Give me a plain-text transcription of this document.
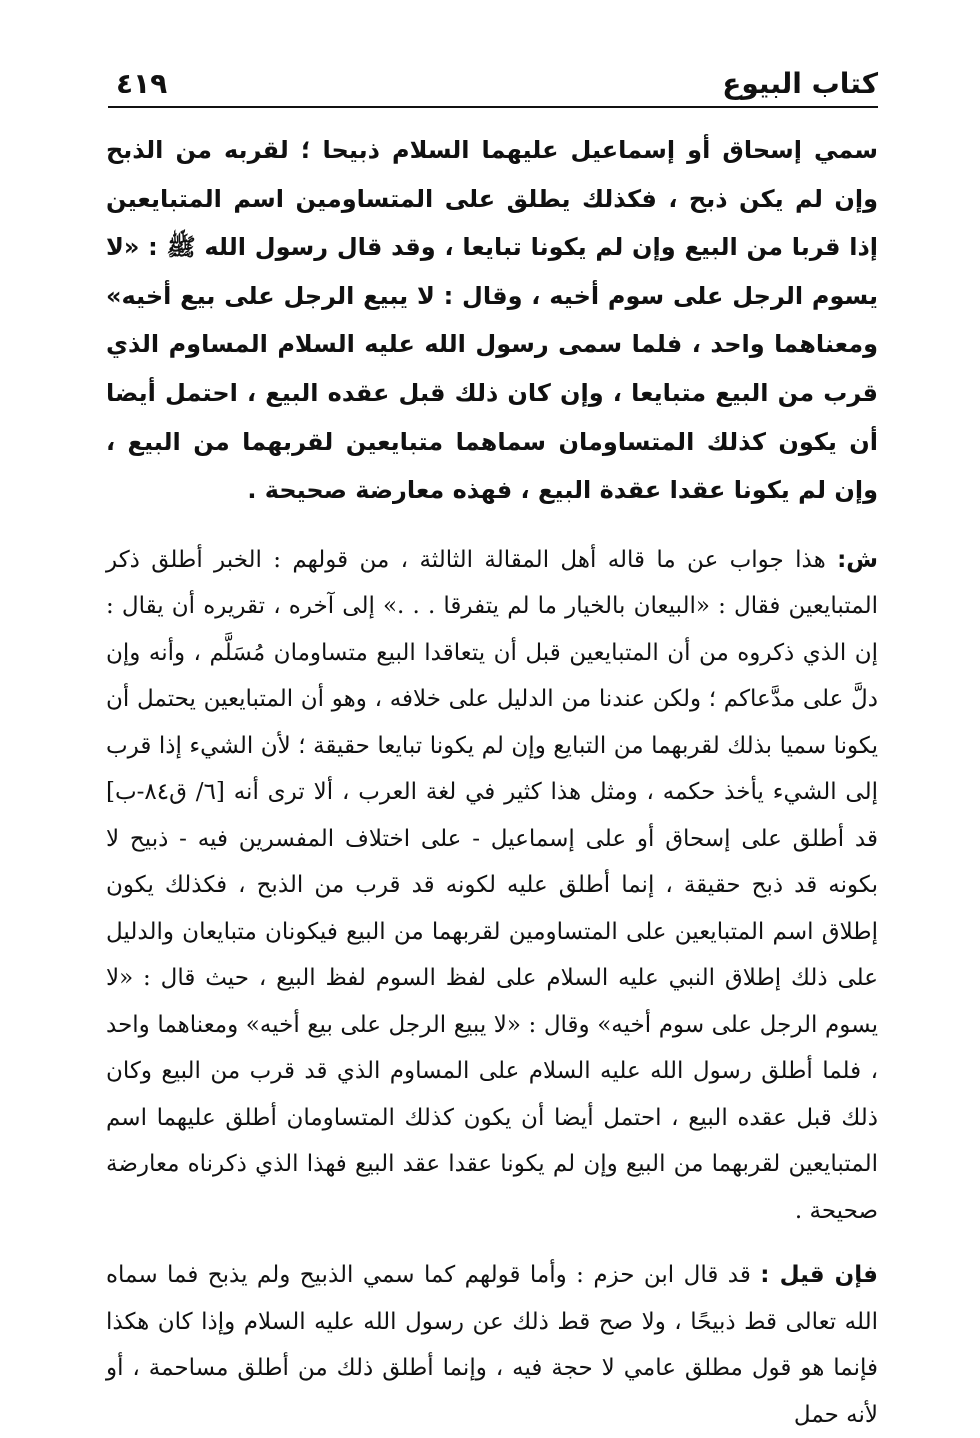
كتاب البيوع
٤١٩

سمي إسحاق أو إسماعيل عليهما السلام ذبيحا ؛ لقربه من الذبح وإن لم يكن ذبح ، فكذلك يطلق على المتساومين اسم المتبايعين إذا قربا من البيع وإن لم يكونا تبايعا ، وقد قال رسول الله ﷺ : «لا يسوم الرجل على سوم أخيه ، وقال : لا يبيع الرجل على بيع أخيه» ومعناهما واحد ، فلما سمى رسول الله عليه السلام المساوم الذي قرب من البيع متبايعا ، وإن كان ذلك قبل عقده البيع ، احتمل أيضا أن يكون كذلك المتساومان سماهما متبايعين لقربهما من البيع ، وإن لم يكونا عقدا عقدة البيع ، فهذه معارضة صحيحة .

ش: هذا جواب عن ما قاله أهل المقالة الثالثة ، من قولهم : الخبر أطلق ذكر المتبايعين فقال : «البيعان بالخيار ما لم يتفرقا . . .» إلى آخره ، تقريره أن يقال : إن الذي ذكروه من أن المتبايعين قبل أن يتعاقدا البيع متساومان مُسَلَّم ، وأنه وإن دلَّ على مدَّعاكم ؛ ولكن عندنا من الدليل على خلافه ، وهو أن المتبايعين يحتمل أن يكونا سميا بذلك لقربهما من التبايع وإن لم يكونا تبايعا حقيقة ؛ لأن الشيء إذا قرب إلى الشيء يأخذ حكمه ، ومثل هذا كثير في لغة العرب ، ألا ترى أنه [٦/ ق٨٤-ب] قد أطلق على إسحاق أو على إسماعيل - على اختلاف المفسرين فيه - ذبيح لا بكونه قد ذبح حقيقة ، إنما أطلق عليه لكونه قد قرب من الذبح ، فكذلك يكون إطلاق اسم المتبايعين على المتساومين لقربهما من البيع فيكونان متبايعان والدليل على ذلك إطلاق النبي عليه السلام على لفظ السوم لفظ البيع ، حيث قال : «لا يسوم الرجل على سوم أخيه» وقال : «لا يبيع الرجل على بيع أخيه» ومعناهما واحد ، فلما أطلق رسول الله عليه السلام على المساوم الذي قد قرب من البيع وكان ذلك قبل عقده البيع ، احتمل أيضا أن يكون كذلك المتساومان أطلق عليهما اسم المتبايعين لقربهما من البيع وإن لم يكونا عقدا عقد البيع فهذا الذي ذكرناه معارضة صحيحة .

فإن قيل : قد قال ابن حزم : وأما قولهم كما سمي الذبيح ولم يذبح فما سماه الله تعالى قط ذبيحًا ، ولا صح قط ذلك عن رسول الله عليه السلام وإذا كان هكذا فإنما هو قول مطلق عامي لا حجة فيه ، وإنما أطلق ذلك من أطلق مساحمة ، أو لأنه حمل
